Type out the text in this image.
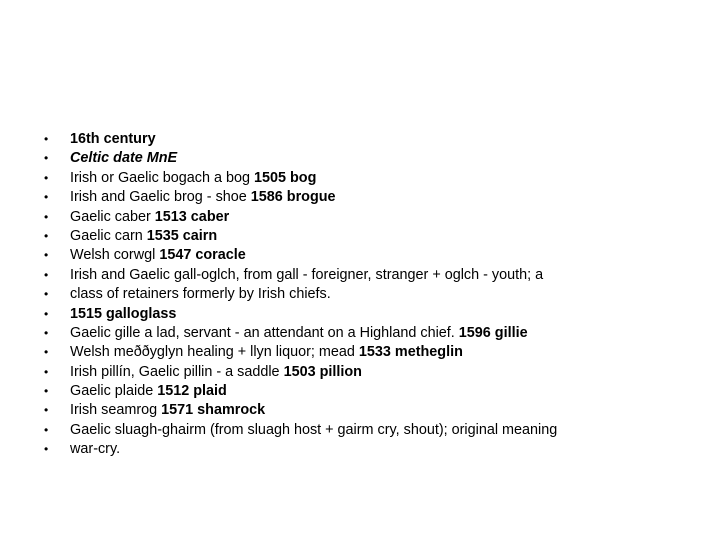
•	16th century
•	Celtic date MnE
•	Irish or Gaelic bogach a bog 1505 bog
•	Irish and Gaelic brog - shoe 1586 brogue
•	Gaelic caber 1513 caber
•	Gaelic carn 1535 cairn
•	Welsh corwgl 1547 coracle
•	Irish and Gaelic gall-oglch, from gall - foreigner, stranger + oglch - youth; a
•	class of retainers formerly by Irish chiefs.
•	1515 galloglass
•	Gaelic gille a lad, servant - an attendant on a Highland chief. 1596 gillie
•	Welsh meððyglyn healing + llyn liquor; mead 1533 metheglin
•	Irish pillín, Gaelic pillin - a saddle 1503 pillion
•	Gaelic plaide 1512 plaid
•	Irish seamrog 1571 shamrock
•	Gaelic sluagh-ghairm (from sluagh host + gairm cry, shout); original meaning
•	war-cry.
